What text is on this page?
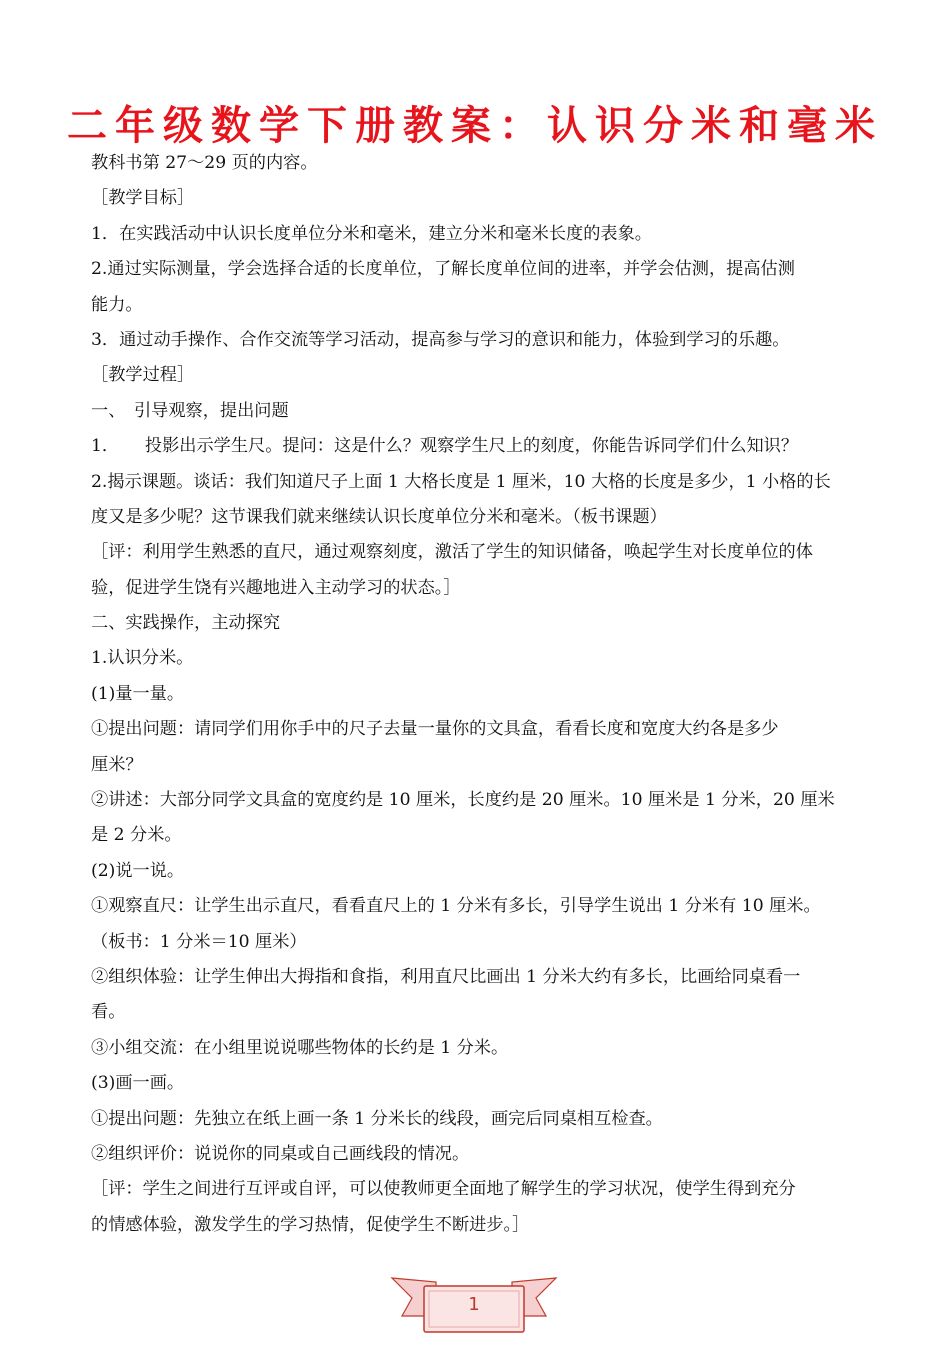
二年级数学下册教案：认识分米和毫米

教科书第 27～29 页的内容。

［教学目标］

1．在实践活动中认识长度单位分米和毫米，建立分米和毫米长度的表象。

2.通过实际测量，学会选择合适的长度单位，了解长度单位间的进率，并学会估测，提高估测

能力。

3．通过动手操作、合作交流等学习活动，提高参与学习的意识和能力，体验到学习的乐趣。

［教学过程］

一、　引导观察，提出问题

1．　　投影出示学生尺。提问：这是什么？观察学生尺上的刻度，你能告诉同学们什么知识？

2.揭示课题。谈话：我们知道尺子上面 1 大格长度是 1 厘米，10 大格的长度是多少，1 小格的长

度又是多少呢？这节课我们就来继续认识长度单位分米和毫米。（板书课题）

［评：利用学生熟悉的直尺，通过观察刻度，激活了学生的知识储备，唤起学生对长度单位的体

验，促进学生饶有兴趣地进入主动学习的状态。］

二、实践操作，主动探究

1.认识分米。

(1)量一量。

①提出问题：请同学们用你手中的尺子去量一量你的文具盒，看看长度和宽度大约各是多少

厘米？

②讲述：大部分同学文具盒的宽度约是 10 厘米，长度约是 20 厘米。10 厘米是 1 分米，20 厘米

是 2 分米。

(2)说一说。

①观察直尺：让学生出示直尺，看看直尺上的 1 分米有多长，引导学生说出 1 分米有 10 厘米。

（板书：1 分米＝10 厘米）

②组织体验：让学生伸出大拇指和食指，利用直尺比画出 1 分米大约有多长，比画给同桌看一

看。

③小组交流：在小组里说说哪些物体的长约是 1 分米。

(3)画一画。

①提出问题：先独立在纸上画一条 1 分米长的线段，画完后同桌相互检查。

②组织评价：说说你的同桌或自己画线段的情况。

［评：学生之间进行互评或自评，可以使教师更全面地了解学生的学习状况，使学生得到充分

的情感体验，激发学生的学习热情，促使学生不断进步。］

1
